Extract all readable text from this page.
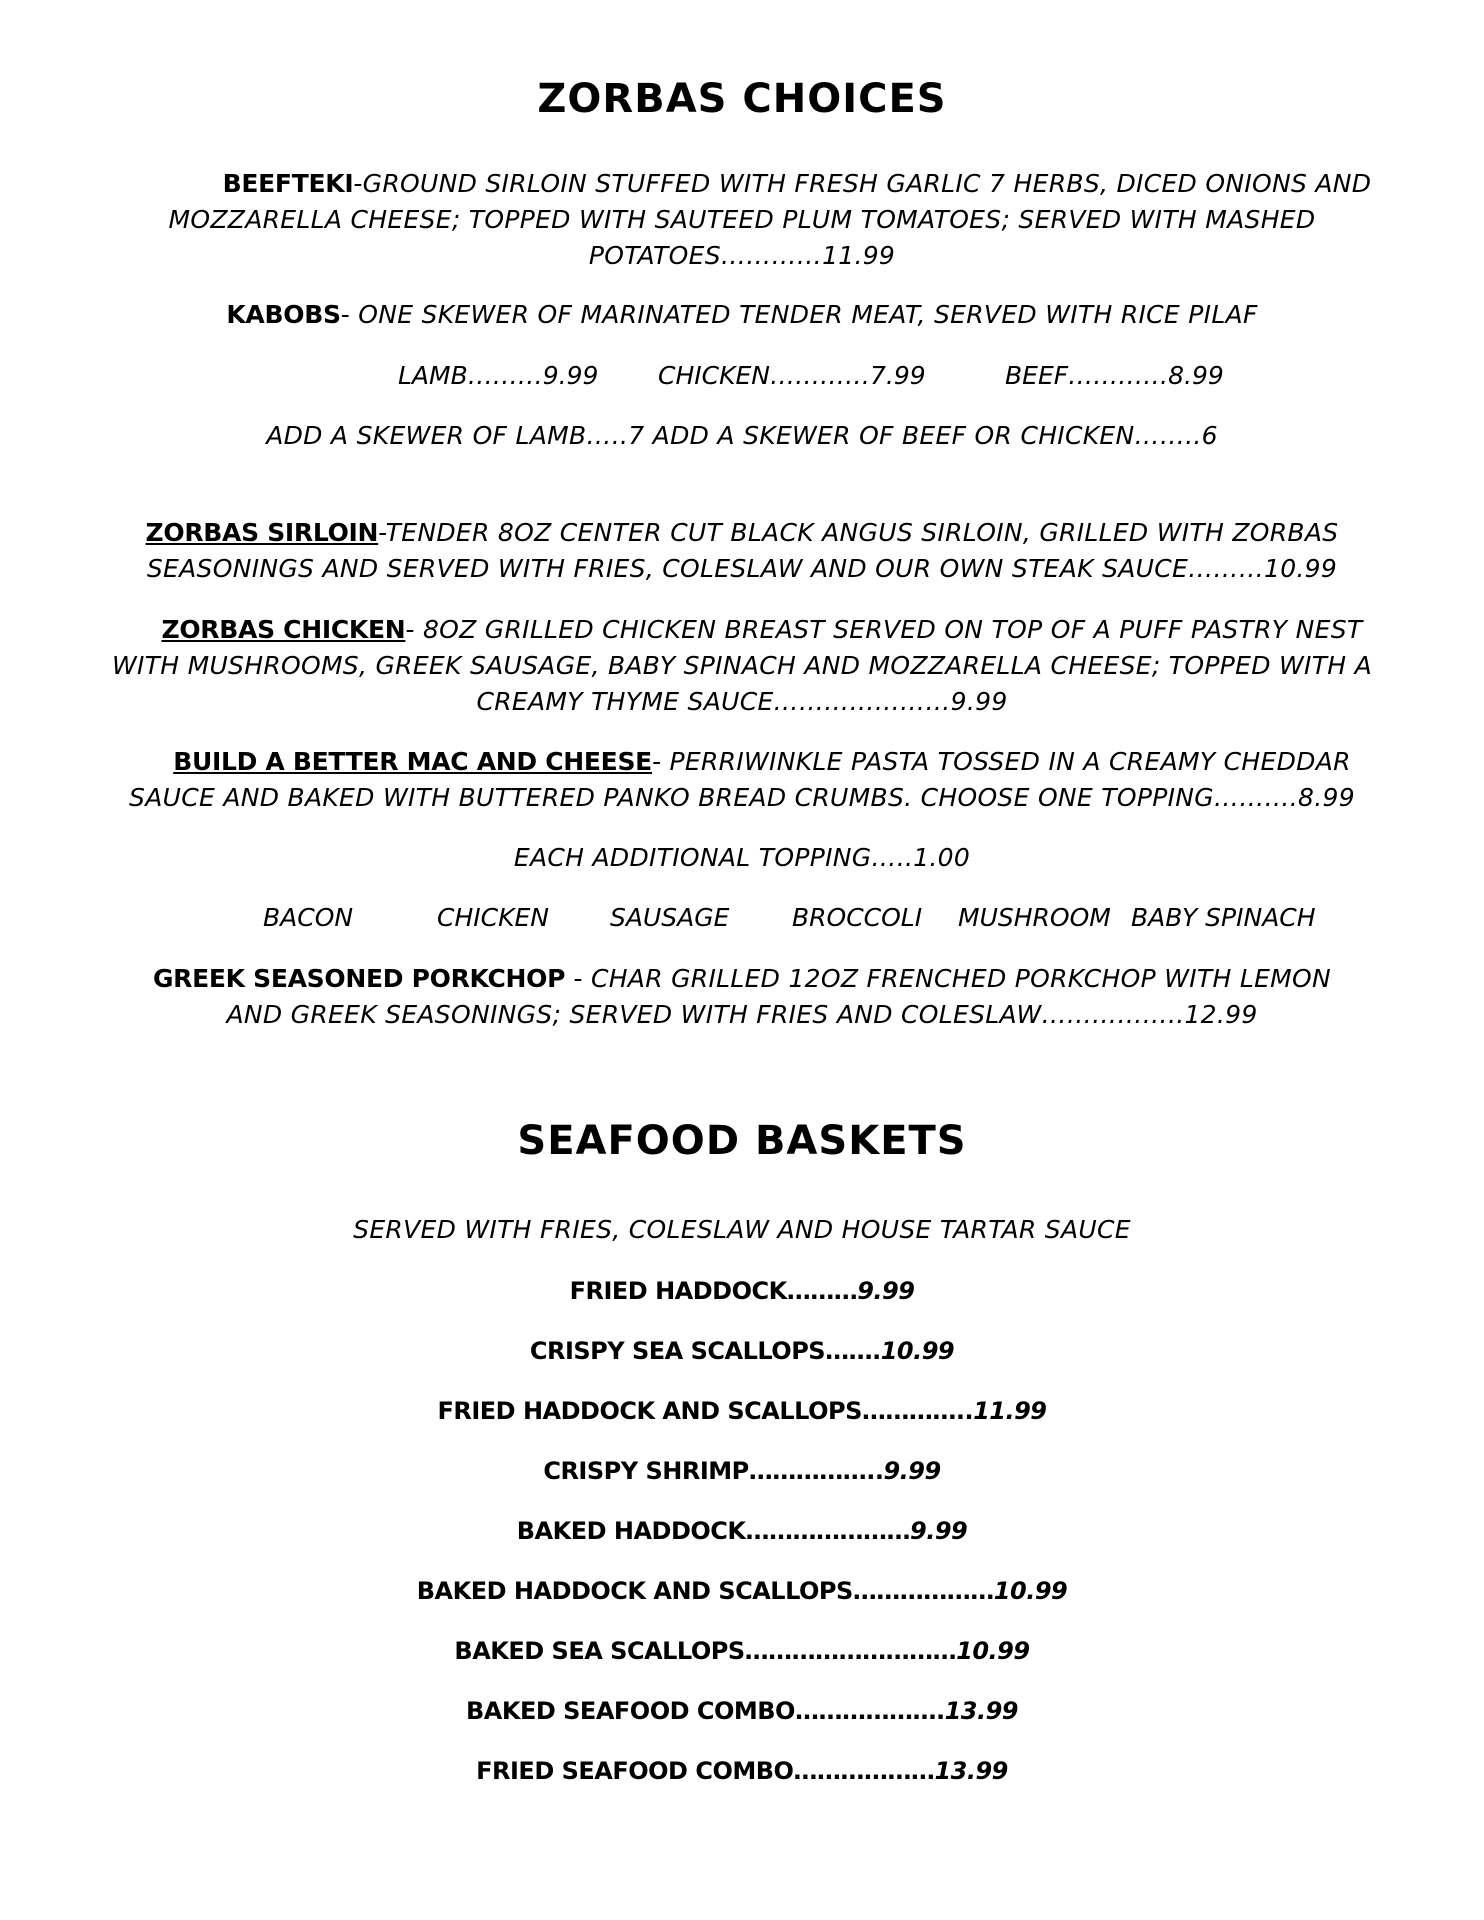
ZORBAS CHOICES
BEEFTEKI-GROUND SIRLOIN STUFFED WITH FRESH GARLIC 7 HERBS, DICED ONIONS AND
MOZZARELLA CHEESE; TOPPED WITH SAUTEED PLUM TOMATOES; SERVED WITH MASHED
POTATOES…………11.99
KABOBS- ONE SKEWER OF MARINATED TENDER MEAT, SERVED WITH RICE PILAF
LAMB………9.99 CHICKEN…………7.99	BEEF…………8.99
ADD A SKEWER OF LAMB…..7 ADD A SKEWER OF BEEF OR CHICKEN……..6
ZORBAS SIRLOIN-TENDER 8OZ CENTER CUT BLACK ANGUS SIRLOIN, GRILLED WITH ZORBAS
SEASONINGS AND SERVED WITH FRIES, COLESLAW AND OUR OWN STEAK SAUCE………10.99
ZORBAS CHICKEN- 8OZ GRILLED CHICKEN BREAST SERVED ON TOP OF A PUFF PASTRY NEST
WITH MUSHROOMS, GREEK SAUSAGE, BABY SPINACH AND MOZZARELLA CHEESE; TOPPED WITH A
CREAMY THYME SAUCE…………………9.99
BUILD A BETTER MAC AND CHEESE- PERRIWINKLE PASTA TOSSED IN A CREAMY CHEDDAR
SAUCE AND BAKED WITH BUTTERED PANKO BREAD CRUMBS. CHOOSE ONE TOPPING……….8.99
EACH ADDITIONAL TOPPING…..1.00
BACON	CHICKEN SAUSAGE	BROCCOLI MUSHROOM BABY SPINACH
GREEK SEASONED PORKCHOP - CHAR GRILLED 12OZ FRENCHED PORKCHOP WITH LEMON
AND GREEK SEASONINGS; SERVED WITH FRIES AND COLESLAW……………..12.99
SEAFOOD BASKETS
SERVED WITH FRIES, COLESLAW AND HOUSE TARTAR SAUCE
FRIED HADDOCK………9.99
CRISPY SEA SCALLOPS…….10.99
FRIED HADDOCK AND SCALLOPS…………..11.99
CRISPY SHRIMP……………..9.99
BAKED HADDOCK…………………9.99
BAKED HADDOCK AND SCALLOPS………………10.99
BAKED SEA SCALLOPS………………………10.99
BAKED SEAFOOD COMBO……………….13.99
FRIED SEAFOOD COMBO………………13.99
